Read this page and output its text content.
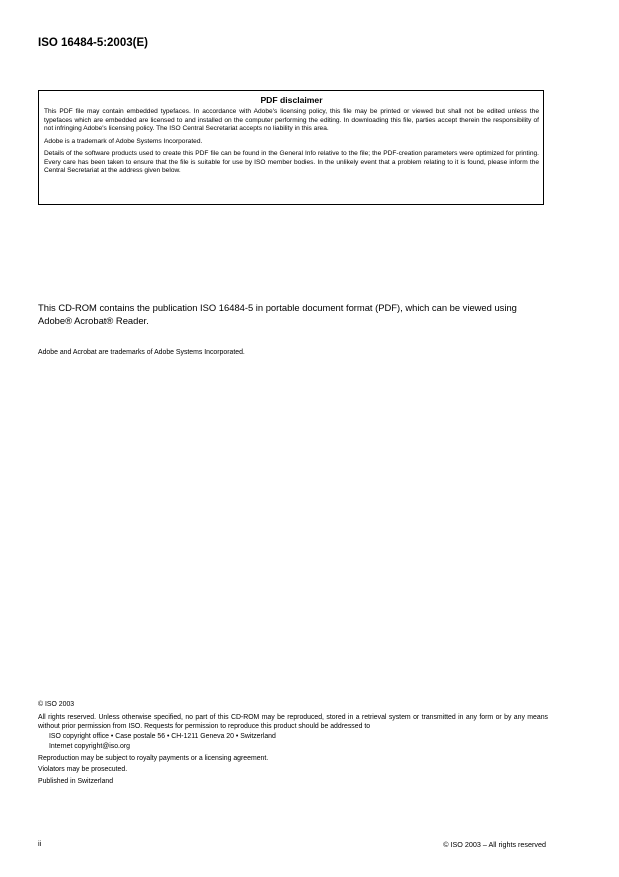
ISO 16484-5:2003(E)
PDF disclaimer

This PDF file may contain embedded typefaces. In accordance with Adobe's licensing policy, this file may be printed or viewed but shall not be edited unless the typefaces which are embedded are licensed to and installed on the computer performing the editing. In downloading this file, parties accept therein the responsibility of not infringing Adobe's licensing policy. The ISO Central Secretariat accepts no liability in this area.

Adobe is a trademark of Adobe Systems Incorporated.

Details of the software products used to create this PDF file can be found in the General Info relative to the file; the PDF-creation parameters were optimized for printing. Every care has been taken to ensure that the file is suitable for use by ISO member bodies. In the unlikely event that a problem relating to it is found, please inform the Central Secretariat at the address given below.

This CD-ROM contains the publication ISO 16484-5 in portable document format (PDF), which can be viewed using Adobe® Acrobat® Reader.
Adobe and Acrobat are trademarks of Adobe Systems Incorporated.
© ISO 2003
All rights reserved. Unless otherwise specified, no part of this CD-ROM may be reproduced, stored in a retrieval system or transmitted in any form or by any means without prior permission from ISO. Requests for permission to reproduce this product should be addressed to
ISO copyright office • Case postale 56 • CH-1211 Geneva 20 • Switzerland
Internet copyright@iso.org
Reproduction may be subject to royalty payments or a licensing agreement.
Violators may be prosecuted.
Published in Switzerland
ii	© ISO 2003 – All rights reserved
